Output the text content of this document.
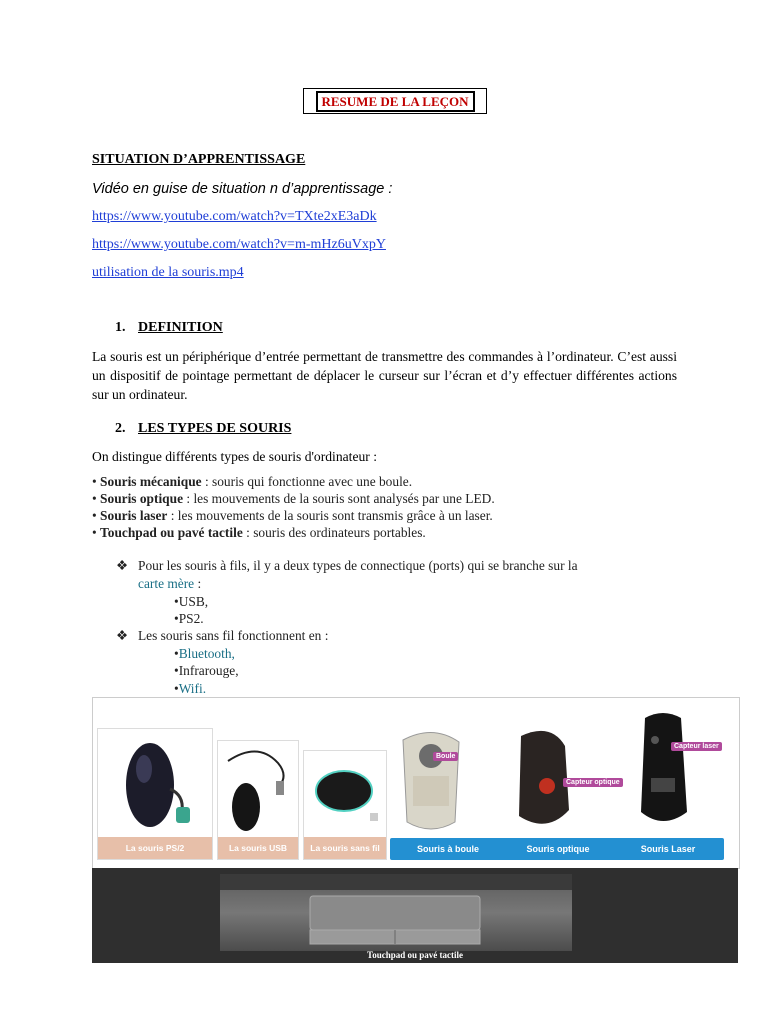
RESUME DE LA LEÇON
SITUATION D’APPRENTISSAGE
Vidéo en guise de situation n d’apprentissage :
https://www.youtube.com/watch?v=TXte2xE3aDk
https://www.youtube.com/watch?v=m-mHz6uVxpY
utilisation de la souris.mp4
1. DEFINITION
La souris est un périphérique d’entrée permettant de transmettre des commandes à l’ordinateur. C’est aussi un dispositif de pointage permettant de déplacer le curseur sur l’écran et d’y effectuer différentes actions sur un ordinateur.
2. LES TYPES DE SOURIS
On distingue différents types de souris d'ordinateur :
• Souris mécanique : souris qui fonctionne avec une boule.
• Souris optique : les mouvements de la souris sont analysés par une LED.
• Souris laser : les mouvements de la souris sont transmis grâce à un laser.
• Touchpad ou pavé tactile : souris des ordinateurs portables.
❖ Pour les souris à fils, il y a deux types de connectique (ports) qui se branche sur la
carte mère :
•USB,
•PS2.
❖ Les souris sans fil fonctionnent en :
•Bluetooth,
•Infrarouge,
•Wifi.
La souris PS/2	La souris USB	La souris sans fil
Boule
Capteur optique
Capteur laser
Souris à boule	Souris optique	Souris Laser
Touchpad ou pavé tactile
